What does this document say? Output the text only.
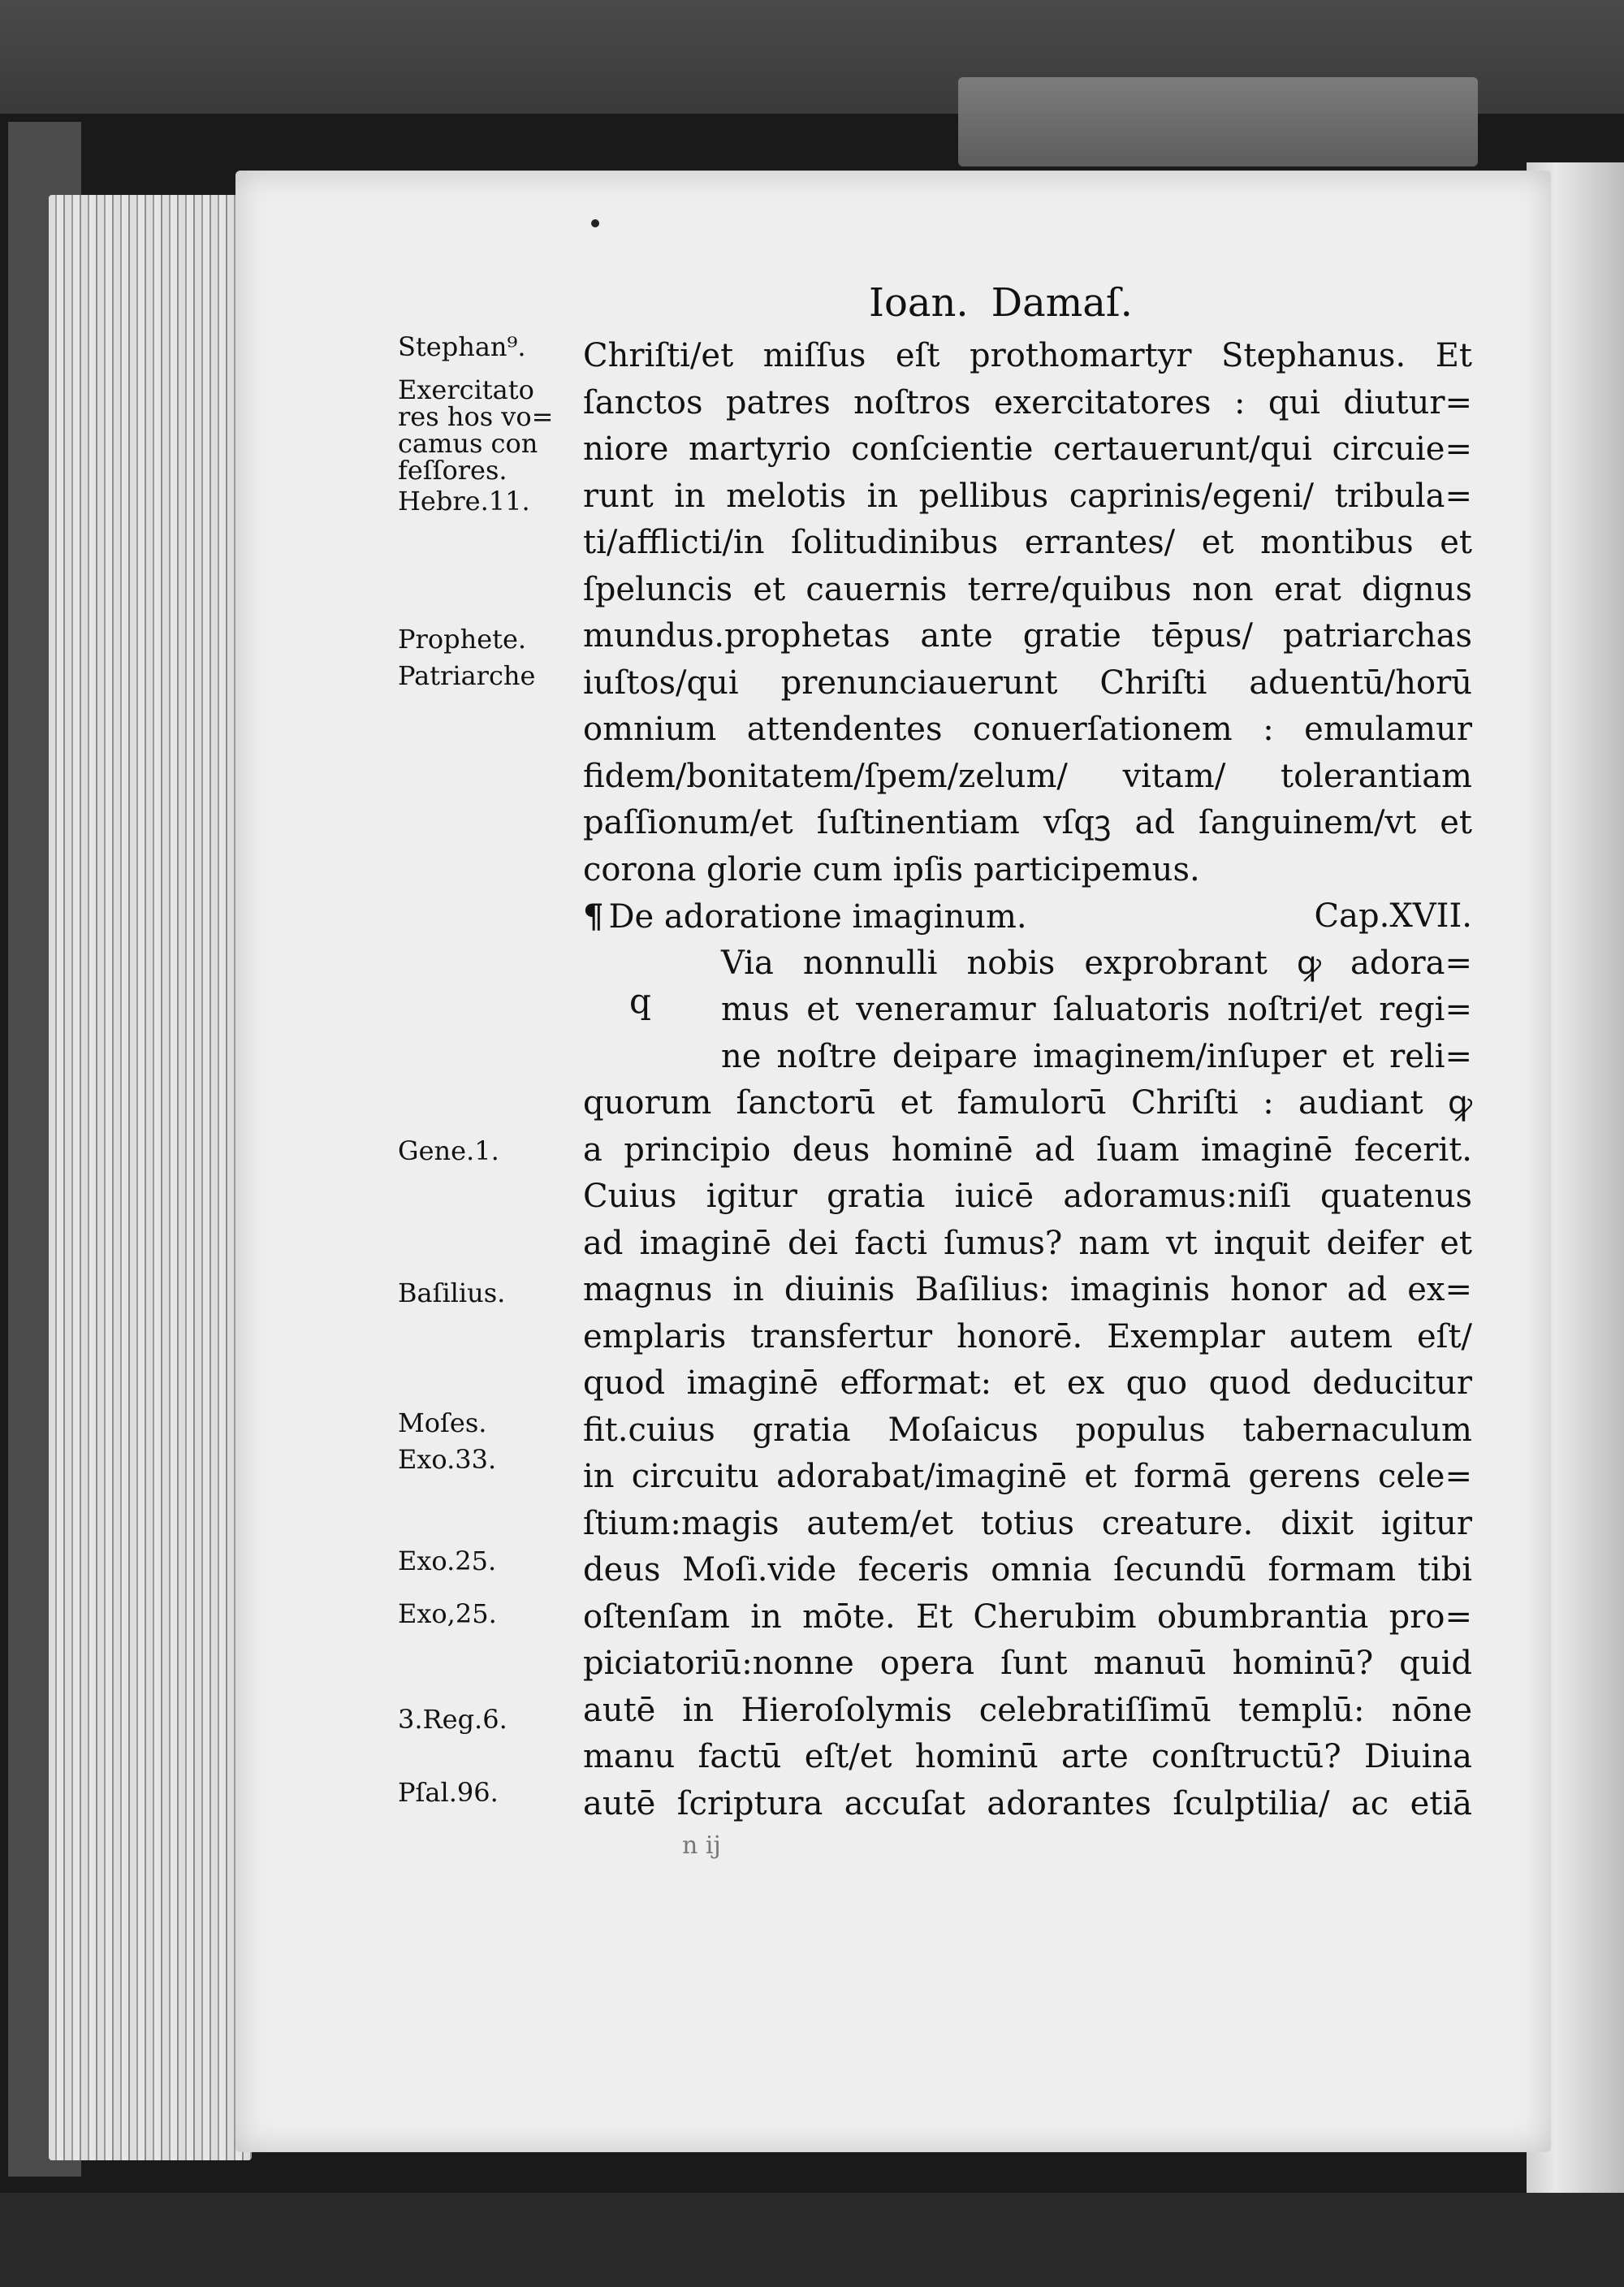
Ioan. Damaſ.
Stephan⁹.
Exercitato
res hos vo=
camus con
feſſores.
Hebre.11.
Prophete.
Patriarche
Gene.1.
Baſilius.
Moſes.
Exo.33.
Exo.25.
Exo,25.
3.Reg.6.
Pſal.96.
q
Chriſti/et miſſus eſt prothomartyr Stephanus. Et
ſanctos patres noſtros exercitatores : qui diutur=
niore martyrio conſcientie certauerunt/qui circuie=
runt in melotis in pellibus caprinis/egeni/ tribula=
ti/afflicti/in ſolitudinibus errantes/ et montibus et
ſpeluncis et cauernis terre/quibus non erat dignus
mundus.prophetas ante gratie tēpus/ patriarchas
iuſtos/qui prenunciauerunt Chriſti aduentū/horū
omnium attendentes conuerſationem : emulamur
fidem/bonitatem/ſpem/zelum/ vitam/ tolerantiam
paſſionum/et ſuſtinentiam vſqꝫ ad ſanguinem/vt et
corona glorie cum ipſis participemus.
¶ De adoratione imaginum.	Cap.XVII.
Via nonnulli nobis exprobrant ꝙ adora=
mus et veneramur ſaluatoris noſtri/et regi=
ne noſtre deipare imaginem/inſuper et reli=
quorum ſanctorū et famulorū Chriſti : audiant ꝙ
a principio deus hominē ad ſuam imaginē fecerit.
Cuius igitur gratia iuicē adoramus:niſi quatenus
ad imaginē dei facti ſumus? nam vt inquit deifer et
magnus in diuinis Baſilius: imaginis honor ad ex=
emplaris transfertur honorē. Exemplar autem eſt/
quod imaginē efformat: et ex quo quod deducitur
fit.cuius gratia Moſaicus populus tabernaculum
in circuitu adorabat/imaginē et formā gerens cele=
ſtium:magis autem/et totius creature. dixit igitur
deus Moſi.vide feceris omnia ſecundū formam tibi
oſtenſam in mōte. Et Cherubim obumbrantia pro=
piciatoriū:nonne opera ſunt manuū hominū? quid
autē in Hieroſolymis celebratiſſimū templū: nōne
manu factū eſt/et hominū arte conſtructū? Diuina
autē ſcriptura accuſat adorantes ſculptilia/ ac etiā
n ij
